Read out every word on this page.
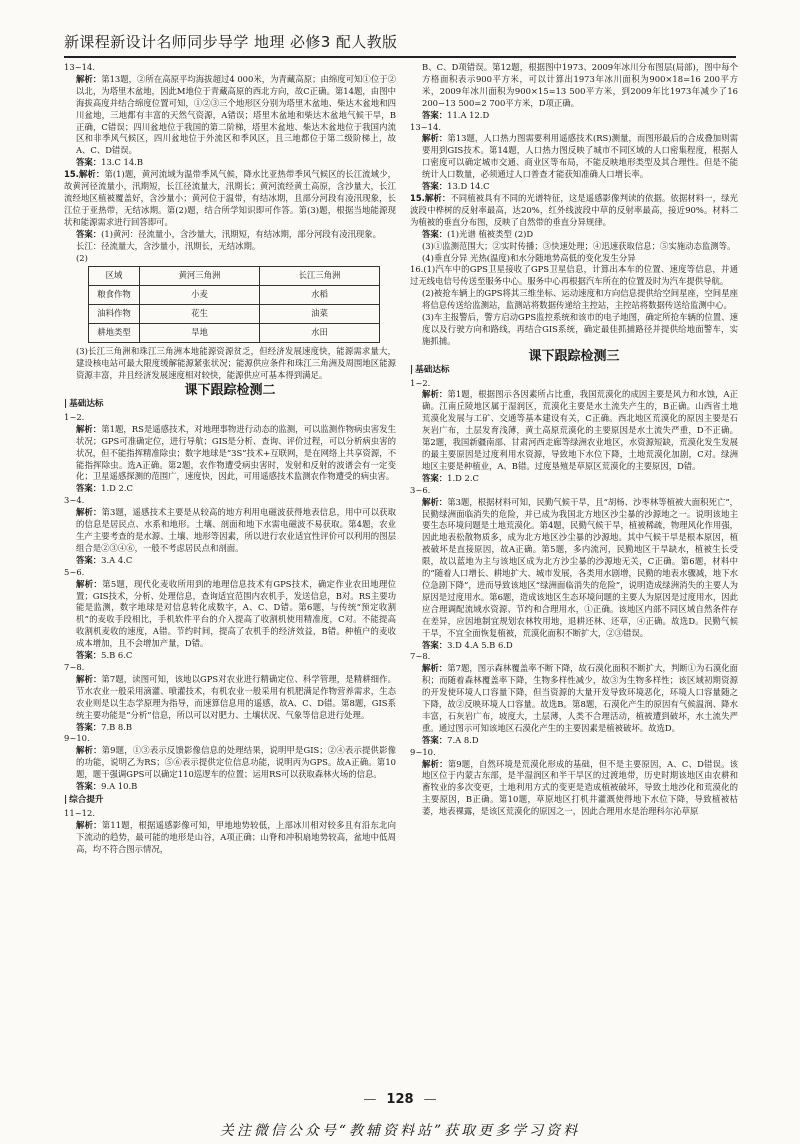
新课程新设计名师同步导学 地理 必修3 配人教版
13~14.
解析：第13题，②所在高原平均海拔超过4 000米，为青藏高原；由绵度可知①位于②以北，为塔里木盆地，因此M地位于青藏高原的西北方向，故C正确。第14题，由图中海拔高度并结合绵度位置可知，①②③三个地形区分别为塔里木盆地、柴达木盆地和四川盆地，三地都有丰富的天然气资源，A错误；塔里木盆地和柴达木盆地气候干旱，B正确，C错误；四川盆地位于我国的第二阶梯，塔里木盆地、柴达木盆地位于我国内流区和非季风气候区，四川盆地位于外流区和季风区，且三地都位于第二级阶梯上，故A、C、D错误。
答案：13.C 14.B
15.解析：第(1)题，黄河流域为温带季风气候，降水比亚热带季风气候区的长江流域少，故黄河径流量小，汛期短，长江径流量大，汛期长；黄河流经黄土高原，含沙量大，长江流经地区植被覆盖好，含沙量小；黄河位于温带，有结冰期，且部分河段有凌汛现象，长江位于亚热带，无结冰期。第(2)题，结合所学知识即可作答。第(3)题，根据当地能源现状和能源需求进行回答即可。
答案：(1)黄河：径流量小，含沙量大，汛期短，有结冰期，部分河段有凌汛现象。
长江：径流量大，含沙量小，汛期长，无结冰期。
(2)
区域	黄河三角洲	长江三角洲
粮食作物	小麦	水稻
油料作物	花生	油菜
耕地类型	旱地	水田
(3)长江三角洲和珠江三角洲本地能源资源贫乏，但经济发展速度快，能源需求量大，建设核电站可最大限度缓解能源紧张状况；能源供应条件和珠江三角洲及周围地区能源资源丰富，并且经济发展速度相对较快，能源供应可基本得到满足。
课下跟踪检测二
| 基础达标
1~2.
解析：第1题，RS是遥感技术，对地理事物进行动态的监测，可以监测作物病虫害发生状况；GPS可准确定位，进行导航；GIS是分析、查询、评价过程，可以分析病虫害的状况，但不能指挥精准除虫；数字地球是“3S”技术+互联网，是在网络上共享资源，不能指挥除虫。选A正确。第2题，农作物遭受病虫害时，发射和反射的波谱会有一定变化；卫星遥感探测的范围广，速度快，因此，可用遥感技术监测农作物遭受的病虫害。
答案：1.D 2.C
3~4.
解析：第3题，遥感技术主要是从较高的地方利用电磁波获得地表信息，用中可以获取的信息是居民点、水系和地形。土壤、剖面和地下水需电磁波不易获取。第4题，农业生产主要考查的是水源、土壤、地形等因素，所以进行农业适宜性评价可以利用的图层组合是②③④⑥，一般不考虑居民点和剖面。
答案：3.A 4.C
5~6.
解析：第5题，现代化麦收所用到的地理信息技术有GPS技术，确定作业农田地理位置；GIS技术，分析、处理信息，查询适宜范围内农机手，发送信息，B对。RS主要功能是监测，数字地球是对信息转化成数字，A、C、D错。第6题，与传统“预定收割机”的麦收手段相比，手机软件平台的介入提高了收割机使用精准度，C对。不能提高收割机麦收的速度，A错。节约时间，提高了农机手的经济效益，B错。种植户的麦收成本增加，且不会增加产量，D错。
答案：5.B 6.C
7~8.
解析：第7题，读图可知，该地以GPS对农业进行精确定位、科学管理，是精耕细作。节水农业一般采用滴灌、喷灌技术，有机农业一般采用有机肥满足作物营养需求，生态农业则是以生态学原理为指导，而速算信息用的遥感，故A、C、D错。第8题，GIS系统主要功能是“分析”信息，所以可以对肥力、土壤状况、气象等信息进行处理。
答案：7.B 8.B
9~10.
解析：第9题，①③表示反馈影像信息的处理结果，说明甲是GIS；②④表示提供影像的功能，说明乙为RS；⑤⑥表示提供定位信息功能，说明丙为GPS。故A正确。第10题，题干强调GPS可以确定110巡逻车的位置；运用RS可以获取森林火场的信息。
答案：9.A 10.B
| 综合提升
11~12.
解析：第11题，根据遥感影像可知，甲地地势较低，上部冰川相对较多且有沿东北向下流动的趋势，最可能的地形是山谷，A项正确；山脊和冲积扇地势较高，盆地中低周高，均不符合图示情况，
B、C、D项错误。第12题，根据图中1973、2009年冰川分布图层(局部)，图中每个方格面积表示900平方米，可以计算出1973年冰川面积为900×18=16 200平方米，2009年冰川面积为900×15=13 500平方米，到2009年比1973年减少了16 200−13 500=2 700平方米，D项正确。
答案：11.A 12.D
13~14.
解析：第13题，人口热力图需要利用遥感技术(RS)测量，而图形最后的合成叠加则需要用到GIS技术。第14题，人口热力图反映了城市不同区域的人口密集程度，根据人口密度可以确定城市交通、商业区等布局，不能反映地形类型及其合理性。但是不能统计人口数量，必须通过人口普查才能获知准确人口增长率。
答案：13.D 14.C
15.解析：不同植被具有不同的光谱特征，这是遥感影像判读的依据。依据材料一，绿光波段中桦树的反射率最高，达20%，红外线波段中草的反射率最高，接近90%。材料二为植被的垂直分布图，反映了自然带的垂直分异规律。
答案：(1)光谱 植被类型 (2)D
(3)①监测范围大；②实时传播；③快速处理；④迅速获取信息；⑤实施动态监测等。
(4)垂直分异 光热(温度)和水分随地势高低的变化发生分异
16.(1)汽车中的GPS卫星接收了GPS卫星信息，计算出本车的位置、速度等信息，并通过无线电信号传送至服务中心。服务中心再根据汽车所在的位置及时为汽车提供导航。
(2)被抢车辆上的GPS将其三维坐标、运动速度和方向信息提供给空间星座，空间星座将信息传送给监测站，监测站将数据传递给主控站，主控站将数据传送给监测中心。
(3)车主报警后，警方启动GPS监控系统和该市的电子地图，确定所抢车辆的位置、速度以及行驶方向和路线，再结合GIS系统，确定最佳抓捕路径并提供给地面警车，实施抓捕。
课下跟踪检测三
| 基础达标
1~2.
解析：第1题，根据图示各因素所占比重，我国荒漠化的成因主要是风力和水蚀，A正确。江南丘陵地区属于湿润区，荒漠化主要是水土流失产生的，B正确。山西省土地荒漠化发展与工矿、交通等基本建设有关，C正确。西北地区荒漠化的原因主要是石灰岩广布，土层发育浅薄，黄土高原荒漠化的主要原因是水土流失严重，D不正确。第2题，我国新疆南部、甘肃河西走廊等绿洲农业地区，水资源短缺，荒漠化发生发展的最主要原因是过度利用水资源，导致地下水位下降，土地荒漠化加剧，C对。绿洲地区主要是种植业，A、B错。过度垦殖是草原区荒漠化的主要原因，D错。
答案：1.D 2.C
3~6.
解析：第3题，根据材料可知，民勤气候干旱，且“胡杨、沙枣林等植被大面积死亡”，民勤绿洲面临消失的危险，并已成为我国北方地区沙尘暴的沙源地之一。说明该地主要生态环境问题是土地荒漠化。第4题，民勤气候干旱，植被稀疏，物理风化作用强，因此地表松散物质多，成为北方地区沙尘暴的沙源地。其中气候干旱是根本原因，植被破坏是直接原因，故A正确。第5题，多内流河，民勤地区干旱缺水，植被生长受限，故以蓝地为主与该地区成为北方沙尘暴的沙源地无关，C正确。第6题，材料中的“随着人口增长、耕地扩大、城市发展，各类用水剧增，民勤的地表水骤减，地下水位急剧下降”，进而导致该地区“绿洲面临消失的危险”，说明造成绿洲消失的主要人为原因是过度用水。第6题，造成该地区生态环境问题的主要人为原因是过度用水，因此应合理调配流域水资源、节约和合理用水，①正确。该地区内部不同区域自然条件存在差异，应因地制宜规划农林牧用地，退耕还林、还草，④正确。故选D。民勤气候干旱，不宜全面恢复植被，荒漠化面积不断扩大，②③错误。
答案：3.D 4.A 5.B 6.D
7~8.
解析：第7题，图示森林覆盖率不断下降，故石漠化面积不断扩大，判断①为石漠化面积；而随着森林覆盖率下降，生物多样性减少，故③为生物多样性；该区域初期资源的开发使环境人口容量下降，但当资源的大量开发导致环境恶化，环境人口容量随之下降，故②反映环境人口容量。故选B。第8题，石漠化产生的原因有气候温润、降水丰富，石灰岩广布，坡度大，土层薄，人类不合理活动，植被遭到破坏，水土流失严重。通过图示可知该地区石漠化产生的主要因素是植被破坏。故选D。
答案：7.A 8.D
9~10.
解析：第9题，自然环境是荒漠化形成的基础，但不是主要原因，A、C、D错误。该地区位于内蒙古东部，是半湿润区和半干旱区的过渡地带，历史时期该地区由农耕和畜牧业的多次变更，土地利用方式的变更是造成植被破坏，导致土地沙化和荒漠化的主要原因，B正确。第10题，草原地区打机井灌溉使得地下水位下降，导致植被枯萎，地表裸露，是该区荒漠化的原因之一，因此合理用水是治理科尔沁草原
— 128 —
关注微信公众号“教辅资料站”获取更多学习资料
